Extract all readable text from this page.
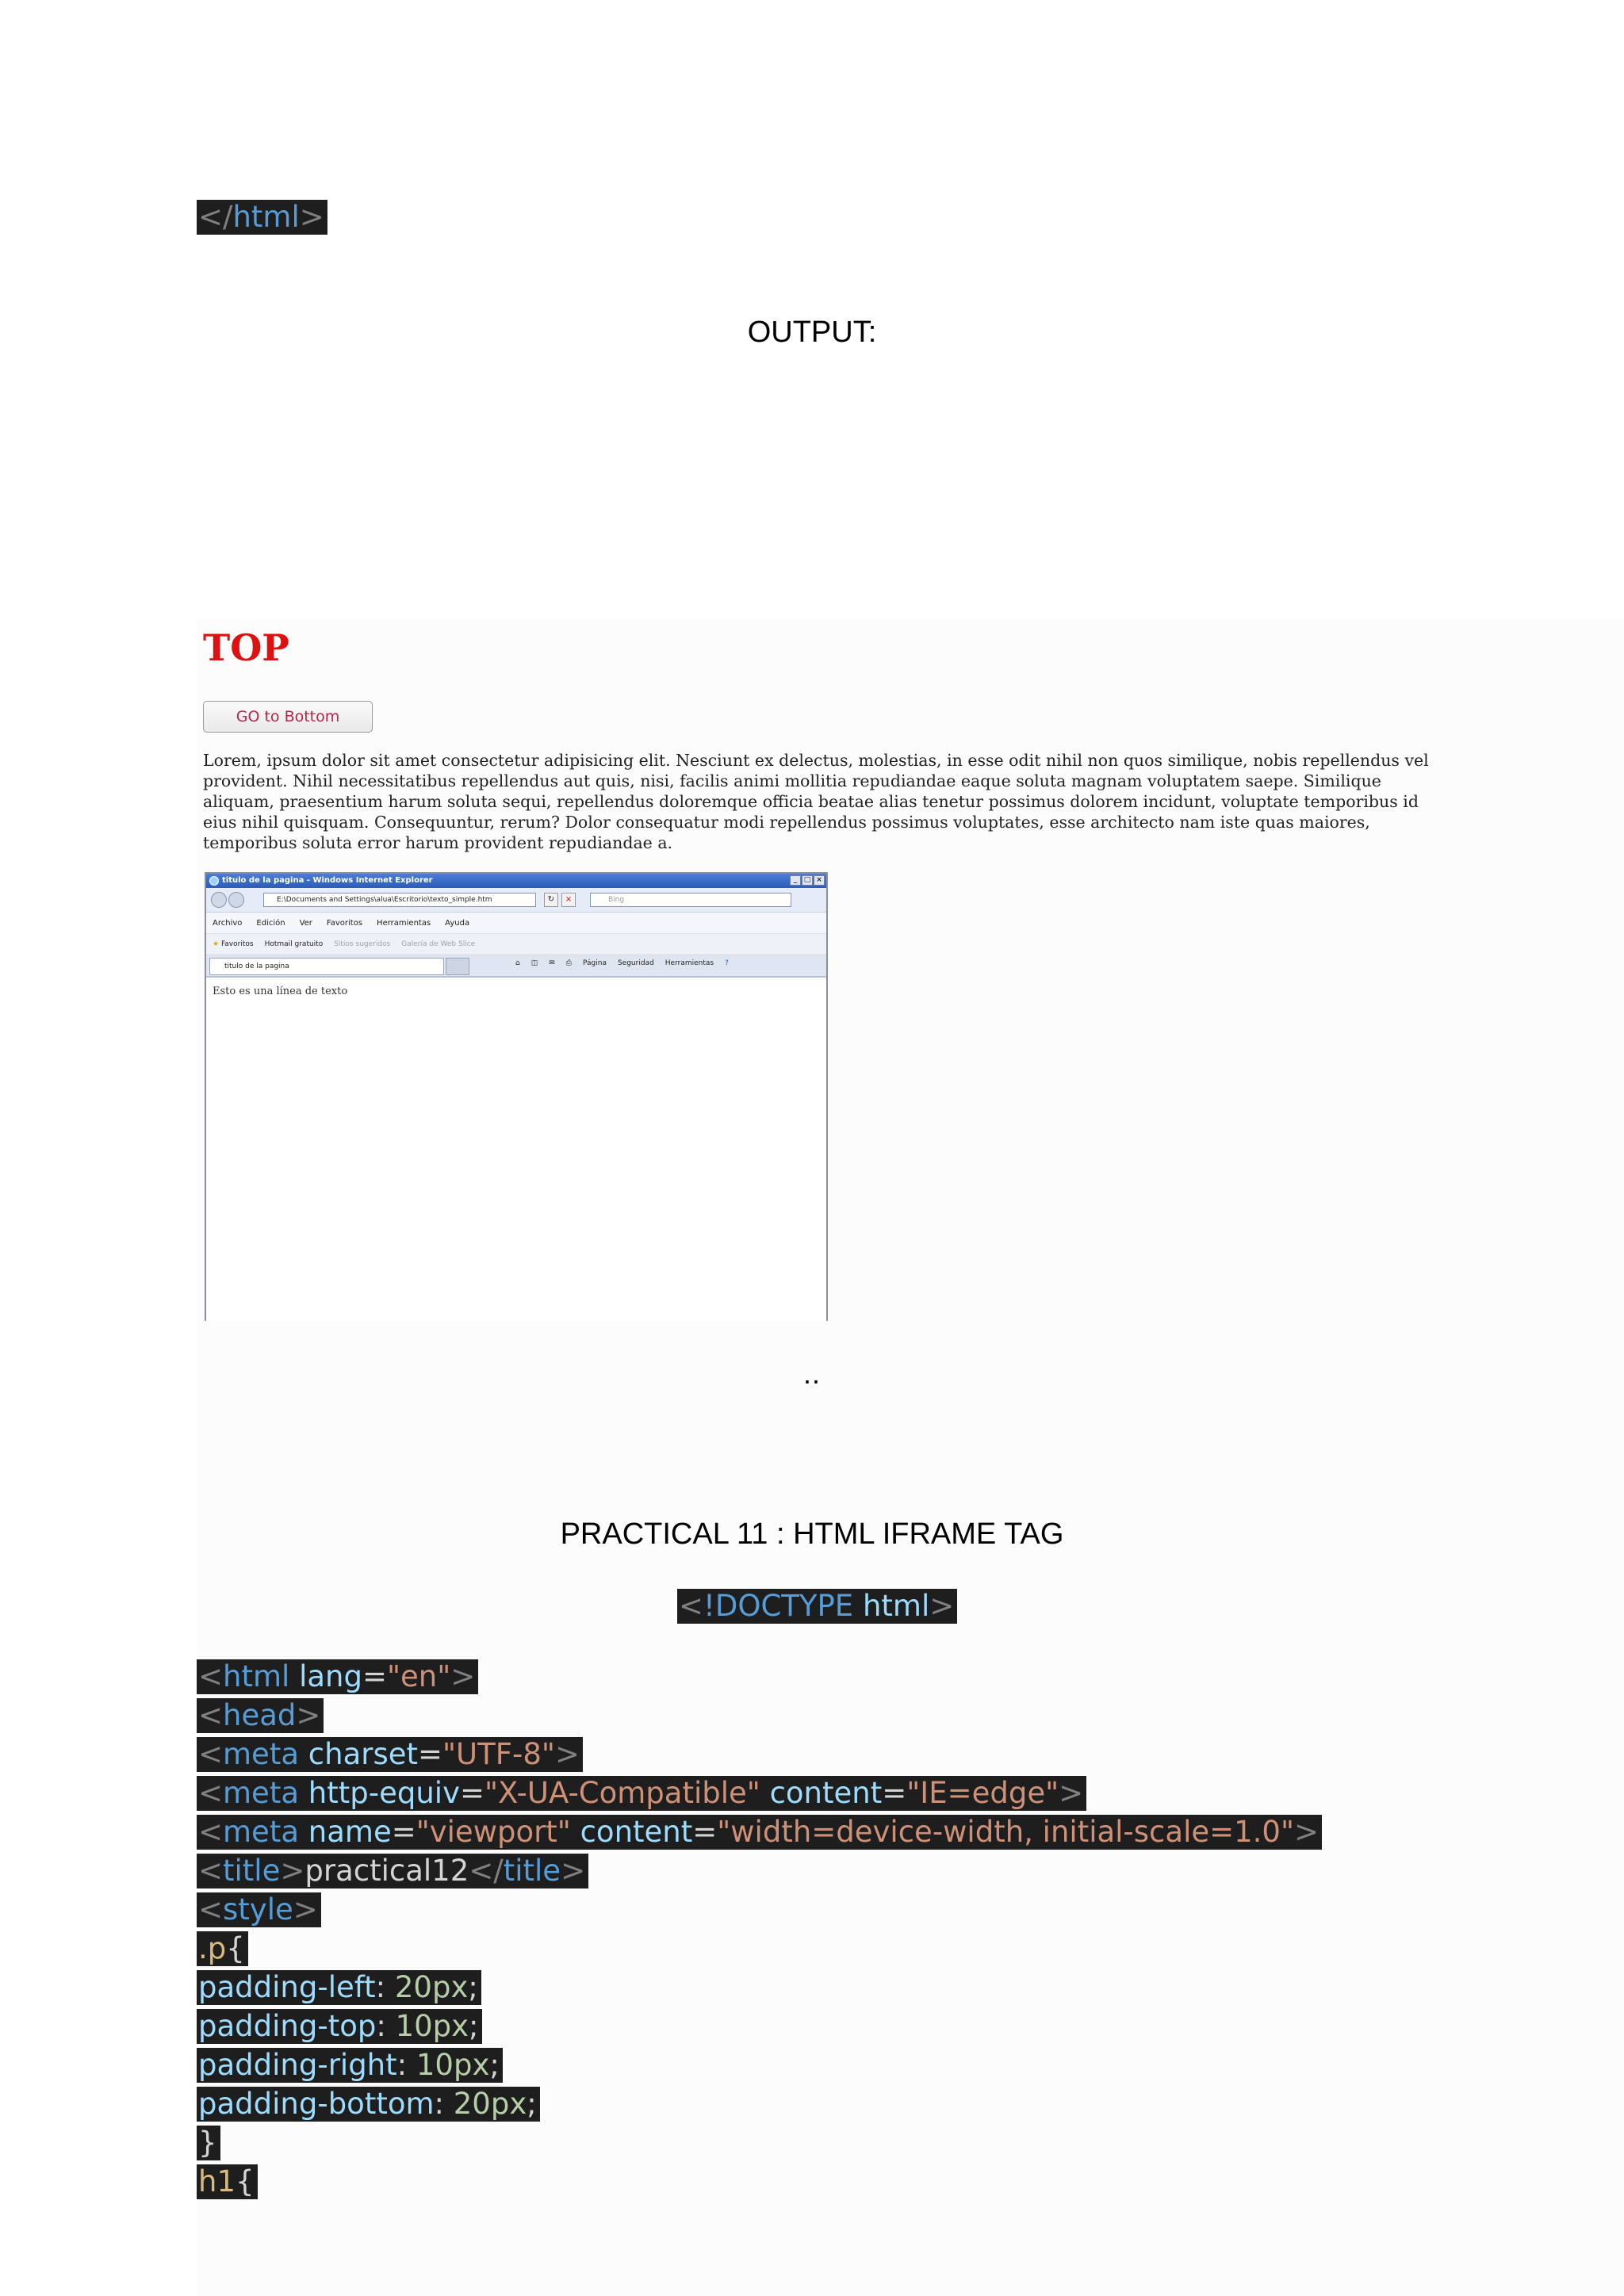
</html>
OUTPUT:
TOP
GO to Bottom
Lorem, ipsum dolor sit amet consectetur adipisicing elit. Nesciunt ex delectus, molestias, in esse odit nihil non quos similique, nobis repellendus vel provident. Nihil necessitatibus repellendus aut quis, nisi, facilis animi mollitia repudiandae eaque soluta magnam voluptatem saepe. Similique aliquam, praesentium harum soluta sequi, repellendus doloremque officia beatae alias tenetur possimus dolorem incidunt, voluptate temporibus id eius nihil quisquam. Consequuntur, rerum? Dolor consequatur modi repellendus possimus voluptates, esse architecto nam iste quas maiores, temporibus soluta error harum provident repudiandae a.
titulo de la pagina - Windows Internet Explorer	_ □ ×
E:\Documents and Settings\alua\Escritorio\texto_simple.htm	↻	×	Bing
Archivo Edición Ver Favoritos Herramientas Ayuda
★ Favoritos Hotmail gratuito Sitios sugeridos Galería de Web Slice
titulo de la pagina	⌂ ◫ ✉ ⎙ Página Seguridad Herramientas ?
Esto es una línea de texto
..
PRACTICAL 11 : HTML IFRAME TAG
<!DOCTYPE html>
<html lang="en">
<head>
<meta charset="UTF-8">
<meta http-equiv="X-UA-Compatible" content="IE=edge">
<meta name="viewport" content="width=device-width, initial-scale=1.0">
<title>practical12</title>
<style>
.p{
padding-left: 20px;
padding-top: 10px;
padding-right: 10px;
padding-bottom: 20px;
}
h1{
